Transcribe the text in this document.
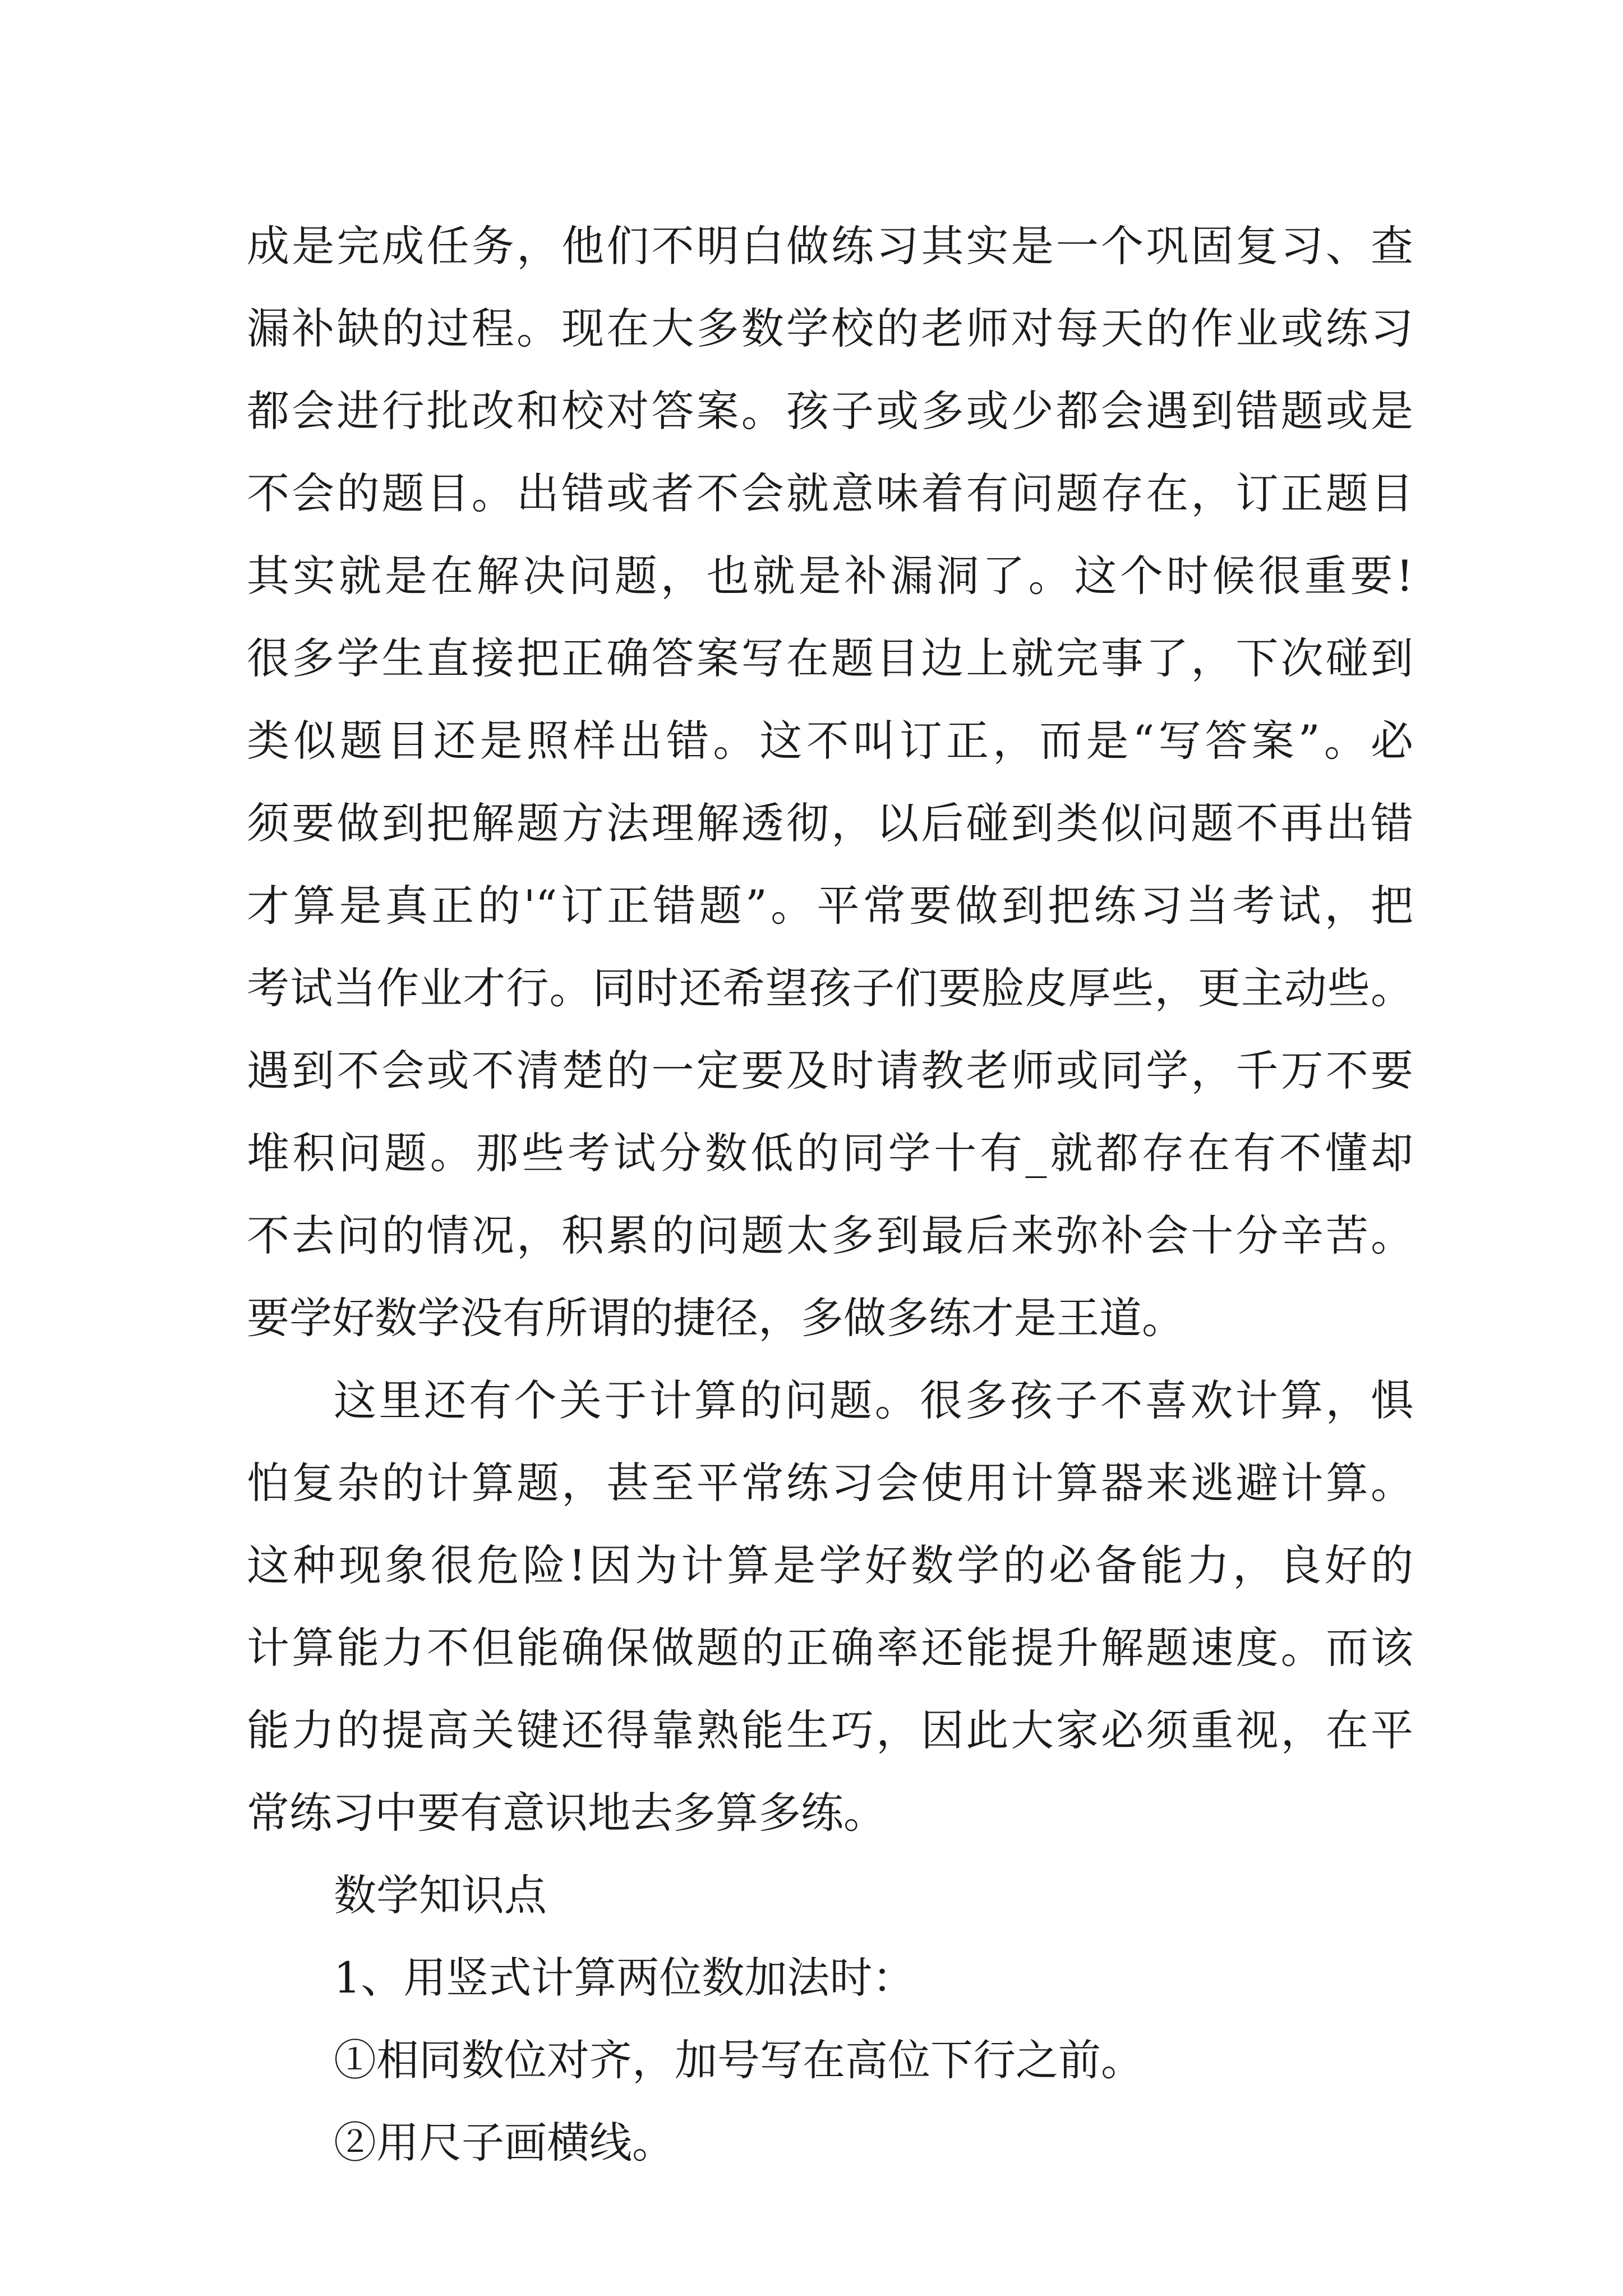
成是完成任务，他们不明白做练习其实是一个巩固复习、查
漏补缺的过程。现在大多数学校的老师对每天的作业或练习
都会进行批改和校对答案。孩子或多或少都会遇到错题或是
不会的题目。出错或者不会就意味着有问题存在，订正题目
其实就是在解决问题，也就是补漏洞了。这个时候很重要!
很多学生直接把正确答案写在题目边上就完事了，下次碰到
类似题目还是照样出错。这不叫订正，而是“写答案”。必
须要做到把解题方法理解透彻，以后碰到类似问题不再出错
才算是真正的'“订正错题”。平常要做到把练习当考试，把
考试当作业才行。同时还希望孩子们要脸皮厚些，更主动些。
遇到不会或不清楚的一定要及时请教老师或同学，千万不要
堆积问题。那些考试分数低的同学十有_就都存在有不懂却
不去问的情况，积累的问题太多到最后来弥补会十分辛苦。
要学好数学没有所谓的捷径，多做多练才是王道。
这里还有个关于计算的问题。很多孩子不喜欢计算，惧
怕复杂的计算题，甚至平常练习会使用计算器来逃避计算。
这种现象很危险!因为计算是学好数学的必备能力，良好的
计算能力不但能确保做题的正确率还能提升解题速度。而该
能力的提高关键还得靠熟能生巧，因此大家必须重视，在平
常练习中要有意识地去多算多练。
数学知识点
1、用竖式计算两位数加法时：
①相同数位对齐，加号写在高位下行之前。
②用尺子画横线。
